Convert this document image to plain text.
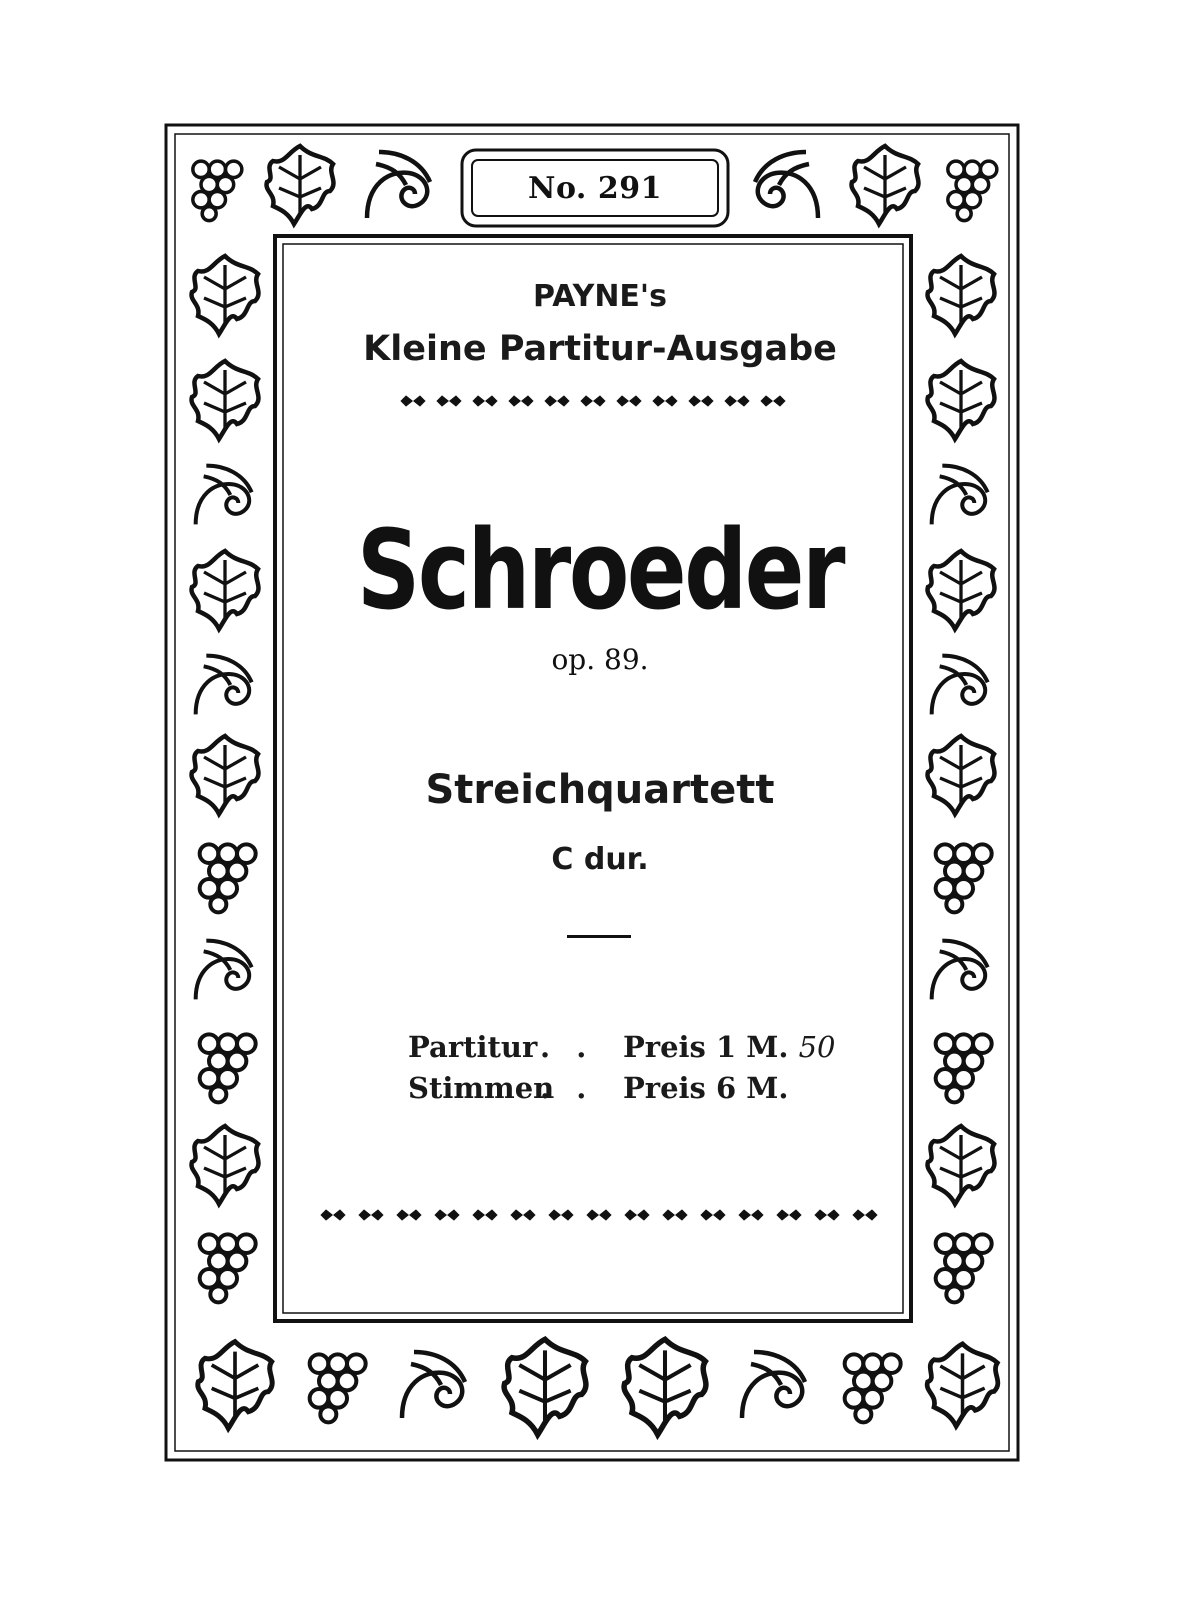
No. 291
PAYNE's
Kleine Partitur-Ausgabe
Schroeder
op. 89.
Streichquartett
C dur.
Partitur . . Preis 1 M. 50
Stimmen
. . Preis 6 M.
